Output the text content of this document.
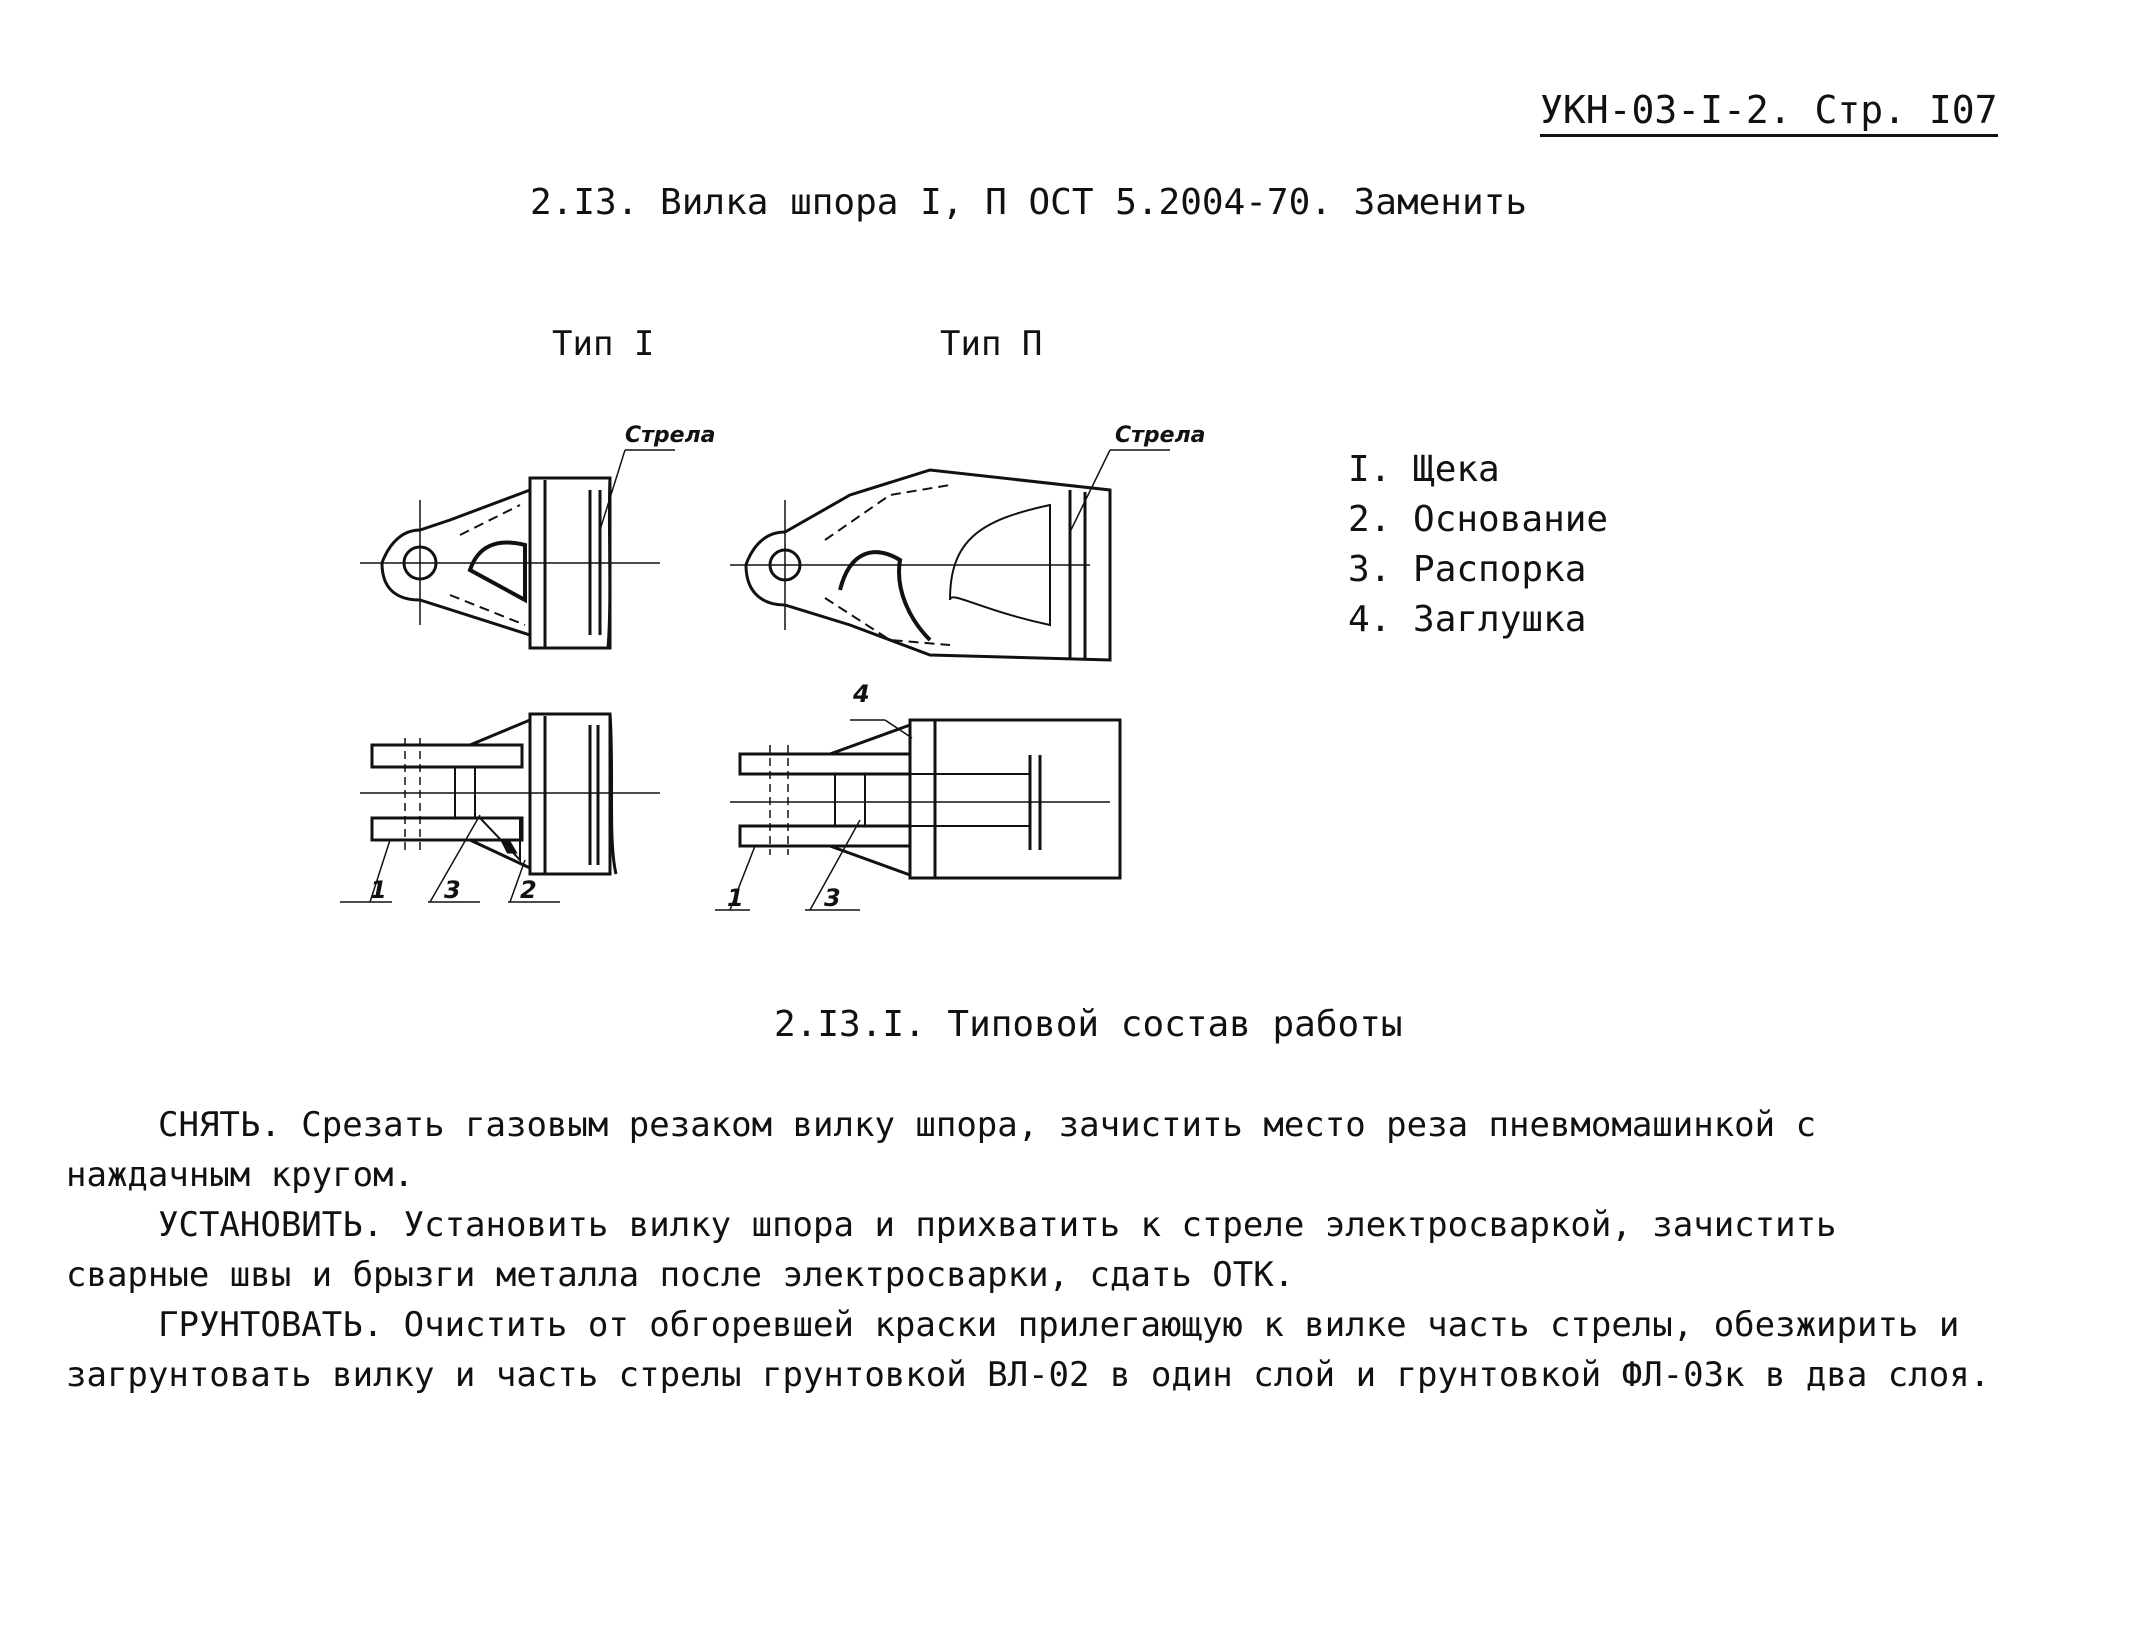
УКН-03-I-2. Стр. I07
2.I3. Вилка шпора I, П ОСТ 5.2004-70. Заменить
Тип I	Тип П
Стрела	Стрела
1 3 2
4
1	3
I. Щека
2. Основание
3. Распорка
4. Заглушка
2.I3.I. Типовой состав работы

СНЯТЬ. Срезать газовым резаком вилку шпора, зачистить место реза пневмомашинкой с наждачным кругом.

УСТАНОВИТЬ. Установить вилку шпора и прихватить к стреле электросваркой, зачистить сварные швы и брызги металла после электросварки, сдать ОТК.

ГРУНТОВАТЬ. Очистить от обгоревшей краски прилегающую к вилке часть стрелы, обезжирить и загрунтовать вилку и часть стрелы грунтовкой ВЛ-02 в один слой и грунтовкой ФЛ-03к в два слоя.
